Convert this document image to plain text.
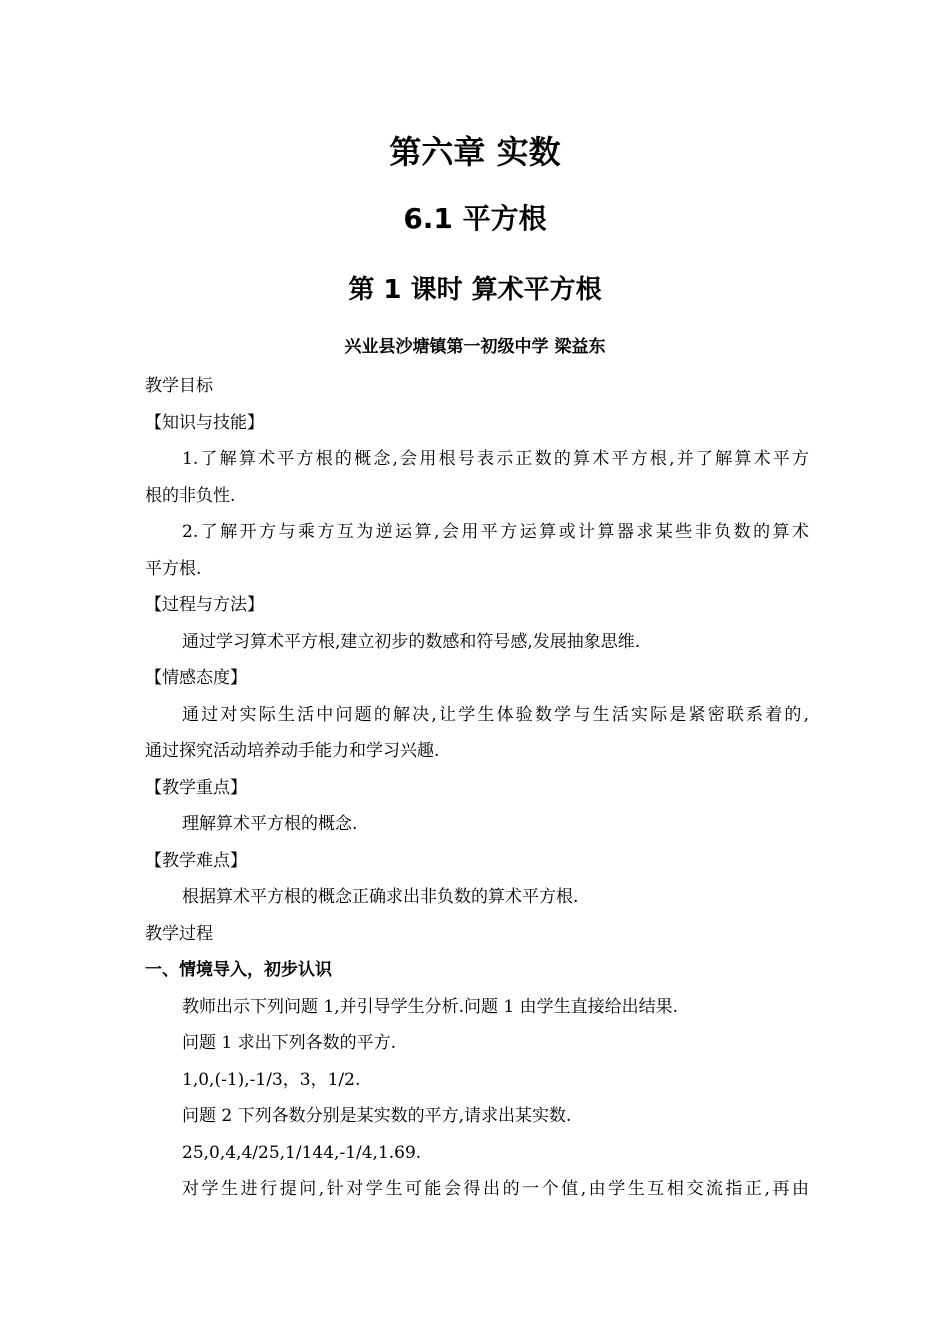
第六章 实数
6.1 平方根
第 1 课时 算术平方根
兴业县沙塘镇第一初级中学 梁益东
教学目标
【知识与技能】
1.了解算术平方根的概念,会用根号表示正数的算术平方根,并了解算术平方
根的非负性.
2.了解开方与乘方互为逆运算,会用平方运算或计算器求某些非负数的算术
平方根.
【过程与方法】
通过学习算术平方根,建立初步的数感和符号感,发展抽象思维.
【情感态度】
通过对实际生活中问题的解决,让学生体验数学与生活实际是紧密联系着的,
通过探究活动培养动手能力和学习兴趣.
【教学重点】
理解算术平方根的概念.
【教学难点】
根据算术平方根的概念正确求出非负数的算术平方根.
教学过程
一、情境导入，初步认识
教师出示下列问题 1,并引导学生分析.问题 1 由学生直接给出结果.
问题 1 求出下列各数的平方.
1,0,(-1),-1/3，3，1/2.
问题 2 下列各数分别是某实数的平方,请求出某实数.
25,0,4,4/25,1/144,-1/4,1.69.
对学生进行提问,针对学生可能会得出的一个值,由学生互相交流指正,再由
